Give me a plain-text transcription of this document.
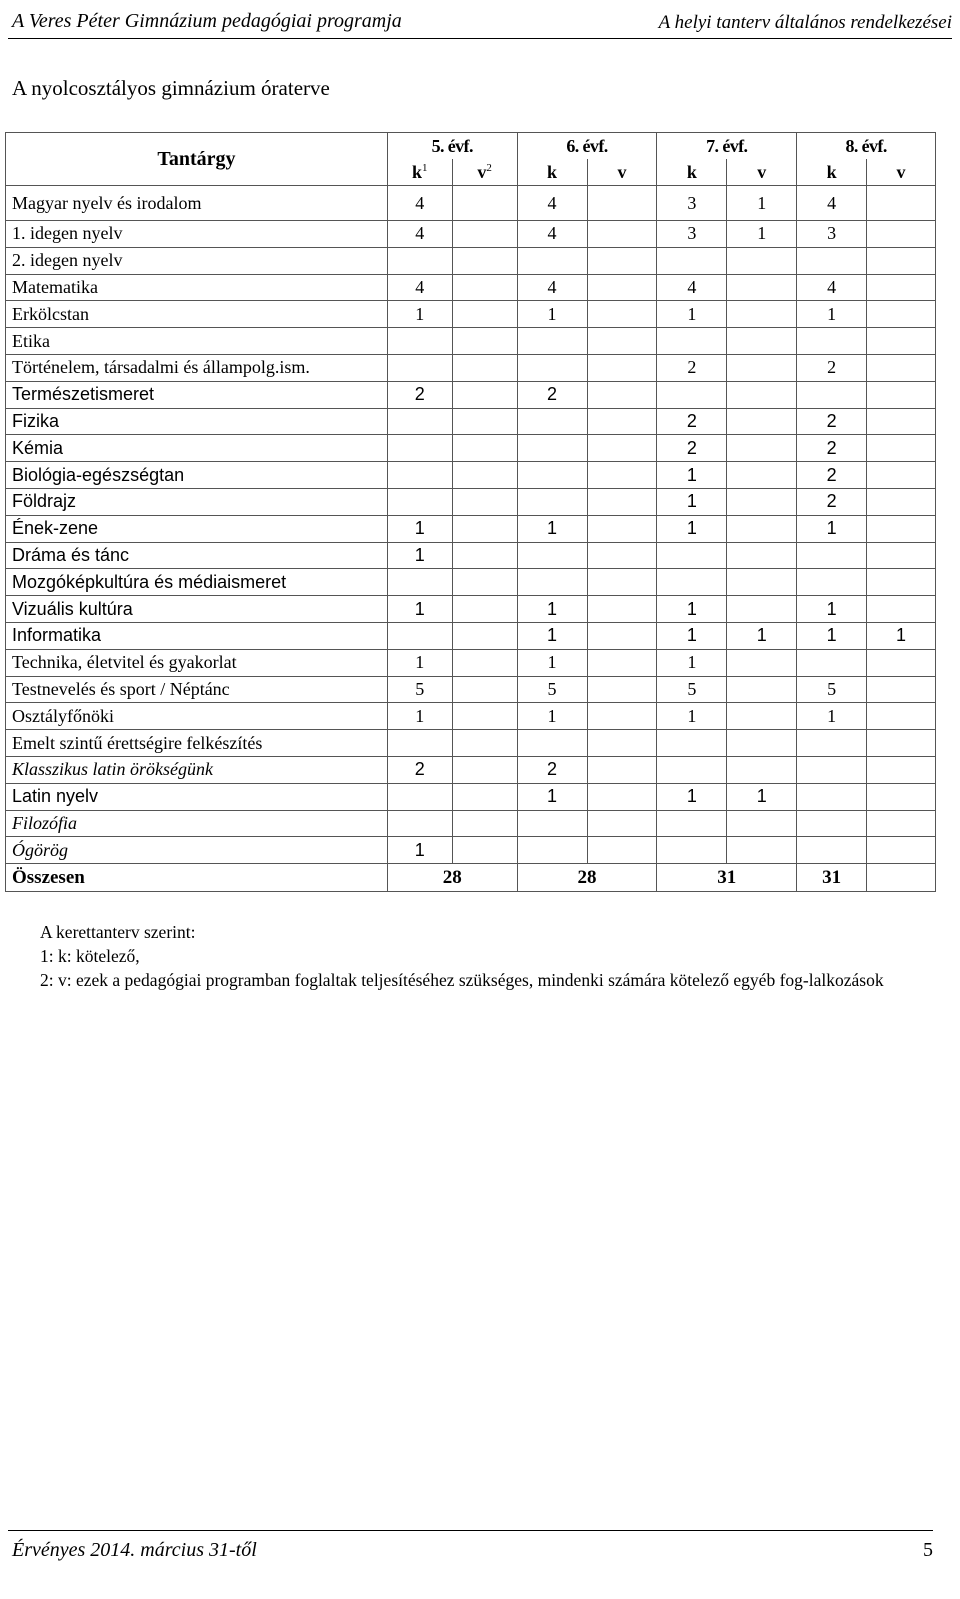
A Veres Péter Gimnázium pedagógiai programja	A helyi tanterv általános rendelkezései
A nyolcosztályos gimnázium óraterve
Tantárgy	5. évf.		6. évf.		7. évf.		8. évf.	
	$k^1$	$v^2$	k	v	k	v	k	v
Magyar nyelv és irodalom	4		4		3	1	4	
1. idegen nyelv	4		4		3	1	3	
2. idegen nyelv								
Matematika	4		4		4		4	
Erkölcstan	1		1		1		1	
Etika								
Történelem, társadalmi és állampolg.ism.					2		2	
Természetismeret	2		2					
Fizika					2		2	
Kémia					2		2	
Biológia-egészségtan					1		2	
Földrajz					1		2	
Ének-zene	1		1		1		1	
Dráma és tánc	1							
Mozgóképkultúra és médiaismeret								
Vizuális kultúra	1		1		1		1	
Informatika			1		1	1	1	1
Technika, életvitel és gyakorlat	1		1		1			
Testnevelés és sport / Néptánc	5		5		5		5	
Osztályfőnöki	1		1		1		1	
Emelt szintű érettségire felkészítés								
Klasszikus latin örökségünk	2		2					
Latin nyelv			1		1	1		
Filozófia								
Ógörög	1							
Összesen	28		28		31		31	
A kerettanterv szerint:
1: k: kötelező,
2: v: ezek a pedagógiai programban foglaltak teljesítéséhez szükséges, mindenki számára kötelező egyéb fog-lalkozások
Érvényes 2014. március 31-től	5
